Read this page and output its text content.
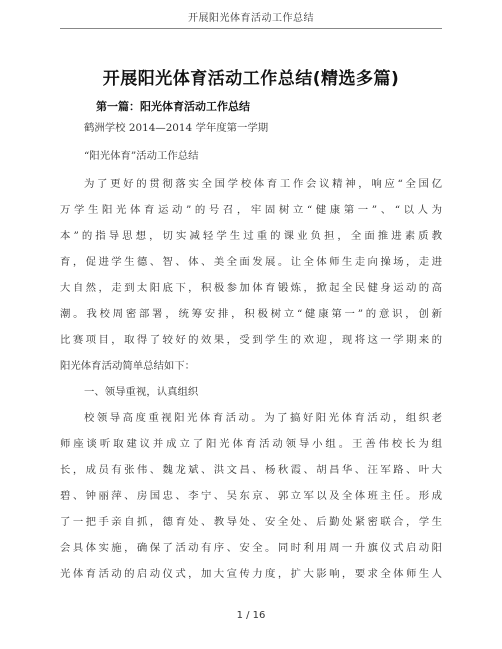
开展阳光体育活动工作总结
开展阳光体育活动工作总结(精选多篇)
第一篇：阳光体育活动工作总结
鹤洲学校 2014—2014 学年度第一学期
“阳光体育”活动工作总结
为了更好的贯彻落实全国学校体育工作会议精神，响应“全国亿
万学生阳光体育运动”的号召，牢固树立“健康第一”、“以人为
本”的指导思想，切实减轻学生过重的课业负担，全面推进素质教
育，促进学生德、智、体、美全面发展。让全体师生走向操场，走进
大自然，走到太阳底下，积极参加体育锻炼，掀起全民健身运动的高
潮。我校周密部署，统筹安排，积极树立“健康第一”的意识，创新
比赛项目，取得了较好的效果，受到学生的欢迎，现将这一学期来的
阳光体育活动简单总结如下：
一、领导重视，认真组织
校领导高度重视阳光体育活动。为了搞好阳光体育活动，组织老
师座谈听取建议并成立了阳光体育活动领导小组。王善伟校长为组
长，成员有张伟、魏龙斌、洪文昌、杨秋霞、胡昌华、汪军路、叶大
碧、钟丽萍、房国忠、李宁、吴东京、郭立军以及全体班主任。形成
了一把手亲自抓，德育处、教导处、安全处、后勤处紧密联合，学生
会具体实施，确保了活动有序、安全。同时利用周一升旗仪式启动阳
光体育活动的启动仪式，加大宣传力度，扩大影响，要求全体师生人
1 / 16
